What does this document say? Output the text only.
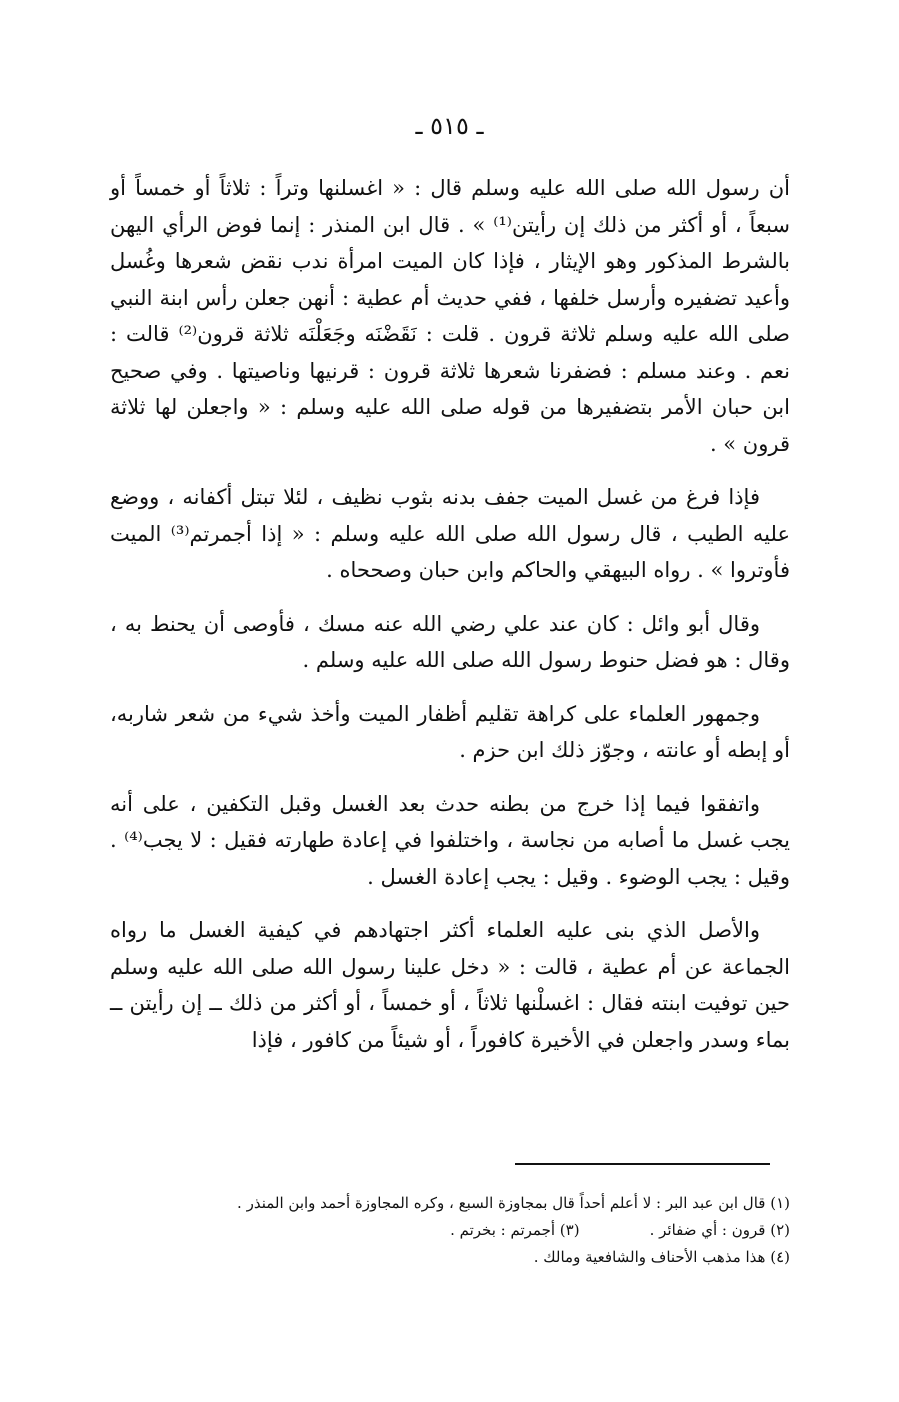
ـ ٥١٥ ـ

أن رسول الله صلى الله عليه وسلم قال : « اغسلنها وتراً : ثلاثاً أو خمساً أو سبعاً ، أو أكثر من ذلك إن رأيتن⁽¹⁾ » . قال ابن المنذر : إنما فوض الرأي اليهن بالشرط المذكور وهو الإيثار ، فإذا كان الميت امرأة ندب نقض شعرها وغُسل وأعيد تضفيره وأرسل خلفها ، ففي حديث أم عطية : أنهن جعلن رأس ابنة النبي صلى الله عليه وسلم ثلاثة قرون . قلت : نَقَضْنَه وجَعَلْنَه ثلاثة قرون⁽²⁾ قالت : نعم . وعند مسلم : فضفرنا شعرها ثلاثة قرون : قرنيها وناصيتها . وفي صحيح ابن حبان الأمر بتضفيرها من قوله صلى الله عليه وسلم : « واجعلن لها ثلاثة قرون » .

فإذا فرغ من غسل الميت جفف بدنه بثوب نظيف ، لئلا تبتل أكفانه ، ووضع عليه الطيب ، قال رسول الله صلى الله عليه وسلم : « إذا أجمرتم⁽³⁾ الميت فأوتروا » . رواه البيهقي والحاكم وابن حبان وصححاه .

وقال أبو وائل : كان عند علي رضي الله عنه مسك ، فأوصى أن يحنط به ، وقال : هو فضل حنوط رسول الله صلى الله عليه وسلم .

وجمهور العلماء على كراهة تقليم أظفار الميت وأخذ شيء من شعر شاربه، أو إبطه أو عانته ، وجوّز ذلك ابن حزم .

واتفقوا فيما إذا خرج من بطنه حدث بعد الغسل وقبل التكفين ، على أنه يجب غسل ما أصابه من نجاسة ، واختلفوا في إعادة طهارته فقيل : لا يجب⁽⁴⁾ . وقيل : يجب الوضوء . وقيل : يجب إعادة الغسل .

والأصل الذي بنى عليه العلماء أكثر اجتهادهم في كيفية الغسل ما رواه الجماعة عن أم عطية ، قالت : « دخل علينا رسول الله صلى الله عليه وسلم حين توفيت ابنته فقال : اغسلْنها ثلاثاً ، أو خمساً ، أو أكثر من ذلك ــ إن رأيتن ــ بماء وسدر واجعلن في الأخيرة كافوراً ، أو شيئاً من كافور ، فإذا

(١) قال ابن عبد البر : لا أعلم أحداً قال بمجاوزة السبع ، وكره المجاوزة أحمد وابن المنذر .
(٢) قرون : أي ضفائر .(٣) أجمرتم : بخرتم .
(٤) هذا مذهب الأحناف والشافعية ومالك .
